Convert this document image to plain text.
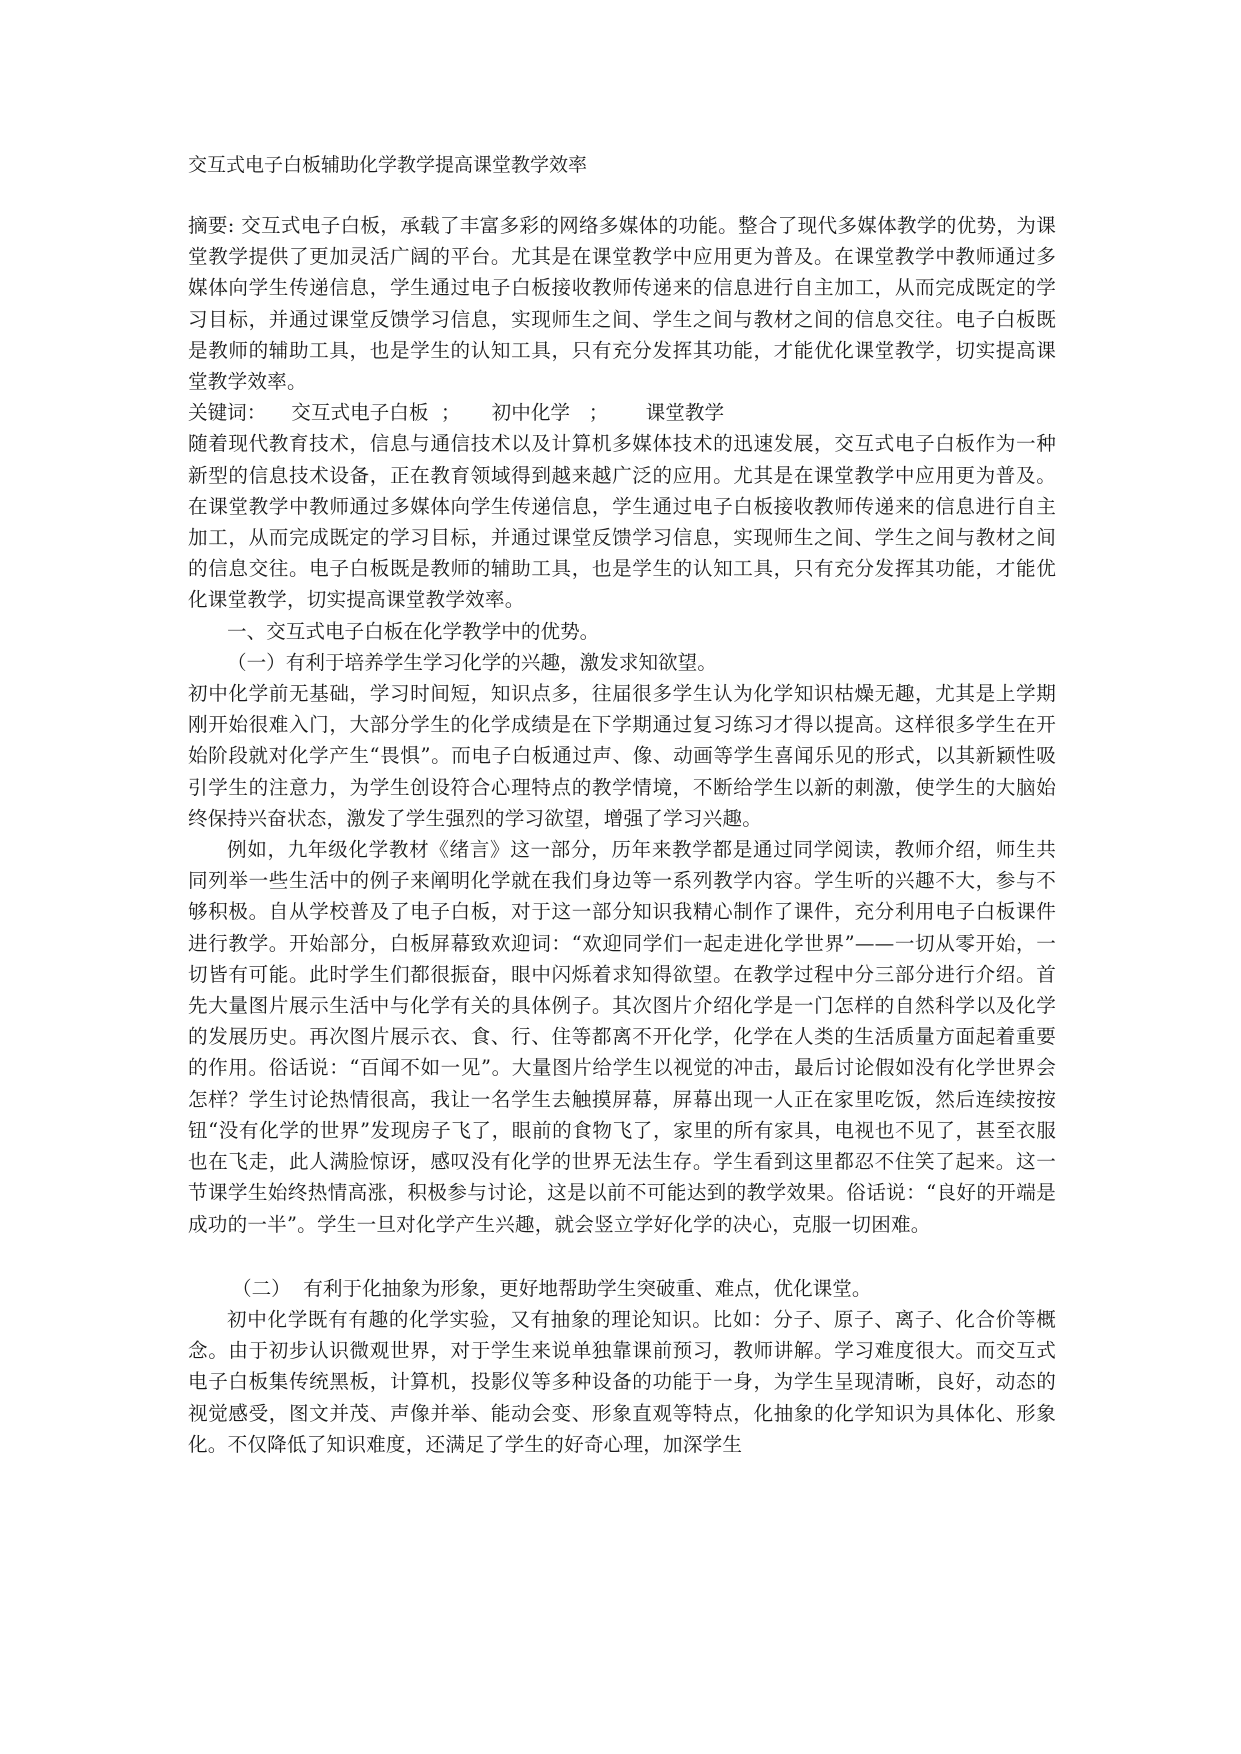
交互式电子白板辅助化学教学提高课堂教学效率

摘要: 交互式电子白板，承载了丰富多彩的网络多媒体的功能。整合了现代多媒体教学的优势，为课堂教学提供了更加灵活广阔的平台。尤其是在课堂教学中应用更为普及。在课堂教学中教师通过多媒体向学生传递信息，学生通过电子白板接收教师传递来的信息进行自主加工，从而完成既定的学习目标，并通过课堂反馈学习信息，实现师生之间、学生之间与教材之间的信息交往。电子白板既是教师的辅助工具，也是学生的认知工具，只有充分发挥其功能，才能优化课堂教学，切实提高课堂教学效率。

关键词：    交互式电子白板  ；     初中化学   ；      课堂教学

随着现代教育技术，信息与通信技术以及计算机多媒体技术的迅速发展，交互式电子白板作为一种新型的信息技术设备，正在教育领域得到越来越广泛的应用。尤其是在课堂教学中应用更为普及。在课堂教学中教师通过多媒体向学生传递信息，学生通过电子白板接收教师传递来的信息进行自主加工，从而完成既定的学习目标，并通过课堂反馈学习信息，实现师生之间、学生之间与教材之间的信息交往。电子白板既是教师的辅助工具，也是学生的认知工具，只有充分发挥其功能，才能优化课堂教学，切实提高课堂教学效率。

一、交互式电子白板在化学教学中的优势。

（一）有利于培养学生学习化学的兴趣，激发求知欲望。

初中化学前无基础，学习时间短，知识点多，往届很多学生认为化学知识枯燥无趣，尤其是上学期刚开始很难入门，大部分学生的化学成绩是在下学期通过复习练习才得以提高。这样很多学生在开始阶段就对化学产生“畏惧”。而电子白板通过声、像、动画等学生喜闻乐见的形式，以其新颖性吸引学生的注意力，为学生创设符合心理特点的教学情境，不断给学生以新的刺激，使学生的大脑始终保持兴奋状态，激发了学生强烈的学习欲望，增强了学习兴趣。

例如，九年级化学教材《绪言》这一部分，历年来教学都是通过同学阅读，教师介绍，师生共同列举一些生活中的例子来阐明化学就在我们身边等一系列教学内容。学生听的兴趣不大，参与不够积极。自从学校普及了电子白板，对于这一部分知识我精心制作了课件，充分利用电子白板课件进行教学。开始部分，白板屏幕致欢迎词：“欢迎同学们一起走进化学世界”——一切从零开始，一切皆有可能。此时学生们都很振奋，眼中闪烁着求知得欲望。在教学过程中分三部分进行介绍。首先大量图片展示生活中与化学有关的具体例子。其次图片介绍化学是一门怎样的自然科学以及化学的发展历史。再次图片展示衣、食、行、住等都离不开化学，化学在人类的生活质量方面起着重要的作用。俗话说：“百闻不如一见”。大量图片给学生以视觉的冲击，最后讨论假如没有化学世界会怎样？学生讨论热情很高，我让一名学生去触摸屏幕，屏幕出现一人正在家里吃饭，然后连续按按钮“没有化学的世界”发现房子飞了，眼前的食物飞了，家里的所有家具，电视也不见了，甚至衣服也在飞走，此人满脸惊讶，感叹没有化学的世界无法生存。学生看到这里都忍不住笑了起来。这一节课学生始终热情高涨，积极参与讨论，这是以前不可能达到的教学效果。俗话说：“良好的开端是成功的一半”。学生一旦对化学产生兴趣，就会竖立学好化学的决心，克服一切困难。

（二）  有利于化抽象为形象，更好地帮助学生突破重、难点，优化课堂。

初中化学既有有趣的化学实验，又有抽象的理论知识。比如：分子、原子、离子、化合价等概念。由于初步认识微观世界，对于学生来说单独靠课前预习，教师讲解。学习难度很大。而交互式电子白板集传统黑板，计算机，投影仪等多种设备的功能于一身，为学生呈现清晰，良好，动态的视觉感受，图文并茂、声像并举、能动会变、形象直观等特点，化抽象的化学知识为具体化、形象化。不仅降低了知识难度，还满足了学生的好奇心理，加深学生
